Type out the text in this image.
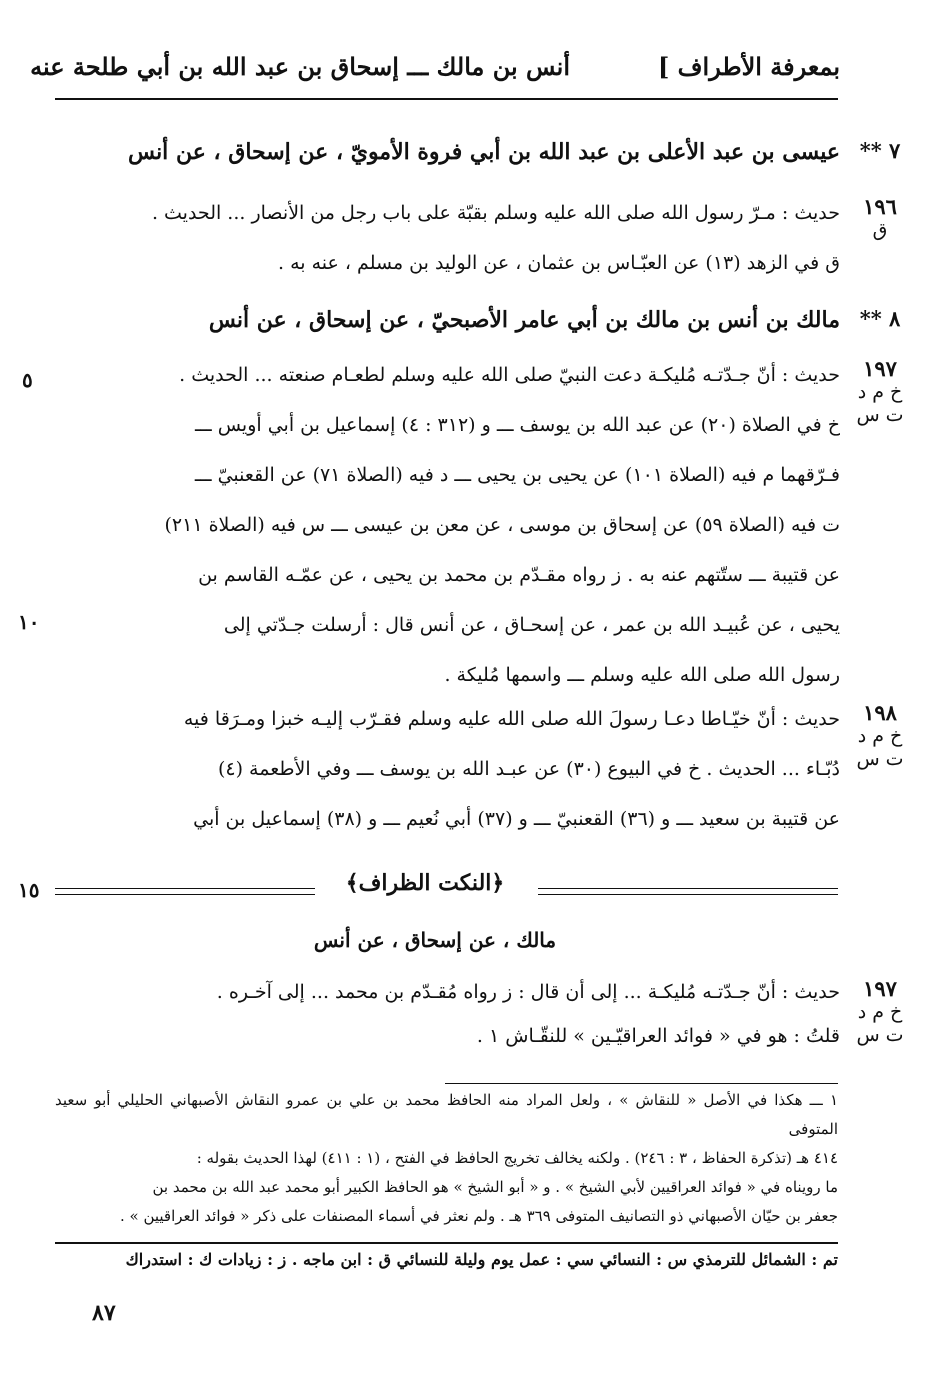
بمعرفة الأطراف ]
أنس بن مالك ـــ إسحاق بن عبد الله بن أبي طلحة عنه
٧ **
عيسى بن عبد الأعلى بن عبد الله بن أبي فروة الأمويّ ، عن إسحاق ، عن أنس
١٩٦
ق
حديث : مـرّ رسول الله صلى الله عليه وسلم بقبّة على باب رجل من الأنصار ... الحديث .
ق في الزهد (١٣) عن العبّـاس بن عثمان ، عن الوليد بن مسلم ، عنه به .
٨ **
مالك بن أنس بن مالك بن أبي عامر الأصبحيّ ، عن إسحاق ، عن أنس
١٩٧
خ م د ت س
حديث : أنّ جـدّتـه مُليكـة دعت النبيّ صلى الله عليه وسلم لطعـام صنعته ... الحديث .
خ في الصلاة (٢٠) عن عبد الله بن يوسف ـــ و (٣١٢ : ٤) إسماعيل بن أبي أويس ـــ
فـرّقهما م فيه (الصلاة ١٠١) عن يحيى بن يحيى ـــ د فيه (الصلاة ٧١) عن القعنبيّ ـــ
ت فيه (الصلاة ٥٩) عن إسحاق بن موسى ، عن معن بن عيسى ـــ س فيه (الصلاة ٢١١)
عن قتيبة ـــ ستّتهم عنه به . ز رواه مقـدّم بن محمد بن يحيى ، عن عمّـه القاسم بن
يحيى ، عن عُبيـد الله بن عمر ، عن إسحـاق ، عن أنس قال : أرسلت جـدّتي إلى
رسول الله صلى الله عليه وسلم ـــ واسمها مُليكة .
٥
١٠
١٩٨
خ م د ت س
حديث : أنّ خيّـاطا دعـا رسولَ الله صلى الله عليه وسلم فقـرّب إليـه خبزا ومـرَقا فيه
دُبّـاء ... الحديث . خ في البيوع (٣٠) عن عبـد الله بن يوسف ـــ وفي الأطعمة (٤)
عن قتيبة بن سعيد ـــ و (٣٦) القعنبيّ ـــ و (٣٧) أبي نُعيم ـــ و (٣٨) إسماعيل بن أبي
﴿النكت الظراف﴾
١٥
مالك ، عن إسحاق ، عن أنس
١٩٧
خ م د ت س
حديث : أنّ جـدّتـه مُليكـة ... إلى أن قال : ز رواه مُقـدّم بن محمد ... إلى آخـره .
قلتُ : هو في « فوائد العراقيّـين » للنقّـاش ١ .
١ ـــ هكذا في الأصل « للنقاش » ، ولعل المراد منه الحافظ محمد بن علي بن عمرو النقاش الأصبهاني الحليلي أبو سعيد المتوفى
٤١٤ هـ (تذكرة الحفاظ ، ٣ : ٢٤٦) . ولكنه يخالف تخريج الحافظ في الفتح ، (١ : ٤١١) لهذا الحديث بقوله :
ما رويناه في « فوائد العراقيين لأبي الشيخ » . و « أبو الشيخ » هو الحافظ الكبير أبو محمد عبد الله بن محمد بن
جعفر بن حيّان الأصبهاني ذو التصانيف المتوفى ٣٦٩ هـ . ولم نعثر في أسماء المصنفات على ذكر « فوائد العراقيين » .
تم : الشمائل للترمذي س : النسائي سي : عمل يوم وليلة للنسائي ق : ابن ماجه . ز : زيادات ك : استدراك
٨٧
